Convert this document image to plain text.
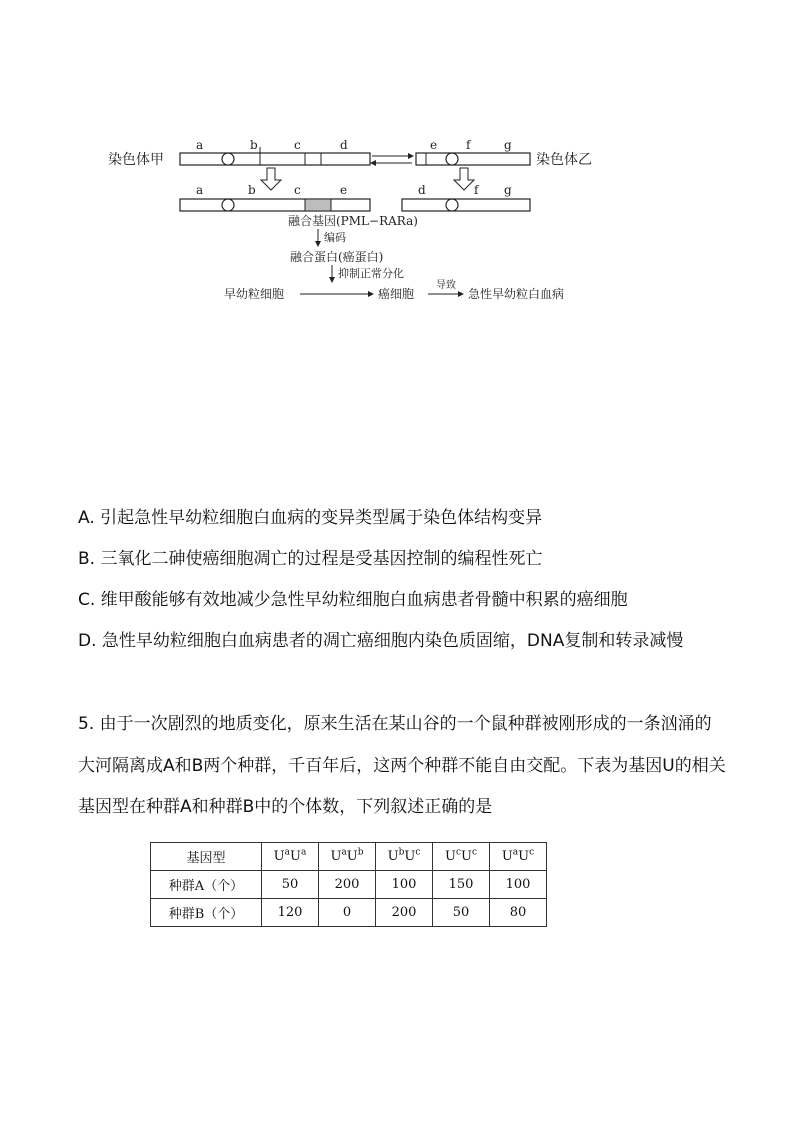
染色体甲
a	b	c	d	e f	g
染色体乙
a	b	c	e	d	f g
融合基因(PML−RARa)
编码
融合蛋白(癌蛋白)
抑制正常分化
早幼粒细胞	癌细胞
导致
急性早幼粒白血病
A. 引起急性早幼粒细胞白血病的变异类型属于染色体结构变异
B. 三氧化二砷使癌细胞凋亡的过程是受基因控制的编程性死亡
C. 维甲酸能够有效地减少急性早幼粒细胞白血病患者骨髓中积累的癌细胞
D. 急性早幼粒细胞白血病患者的凋亡癌细胞内染色质固缩，DNA复制和转录减慢
5. 由于一次剧烈的地质变化，原来生活在某山谷的一个鼠种群被刚形成的一条汹涌的大河隔离成A和B两个种群，千百年后，这两个种群不能自由交配。下表为基因U的相关基因型在种群A和种群B中的个体数，下列叙述正确的是
基因型	$U^aU^a$	$U^aU^b$	$U^bU^c$	$U^cU^c$	$U^aU^c$
种群A（个）	50	200	100	150	100
种群B（个）	120	0	200	50	80
